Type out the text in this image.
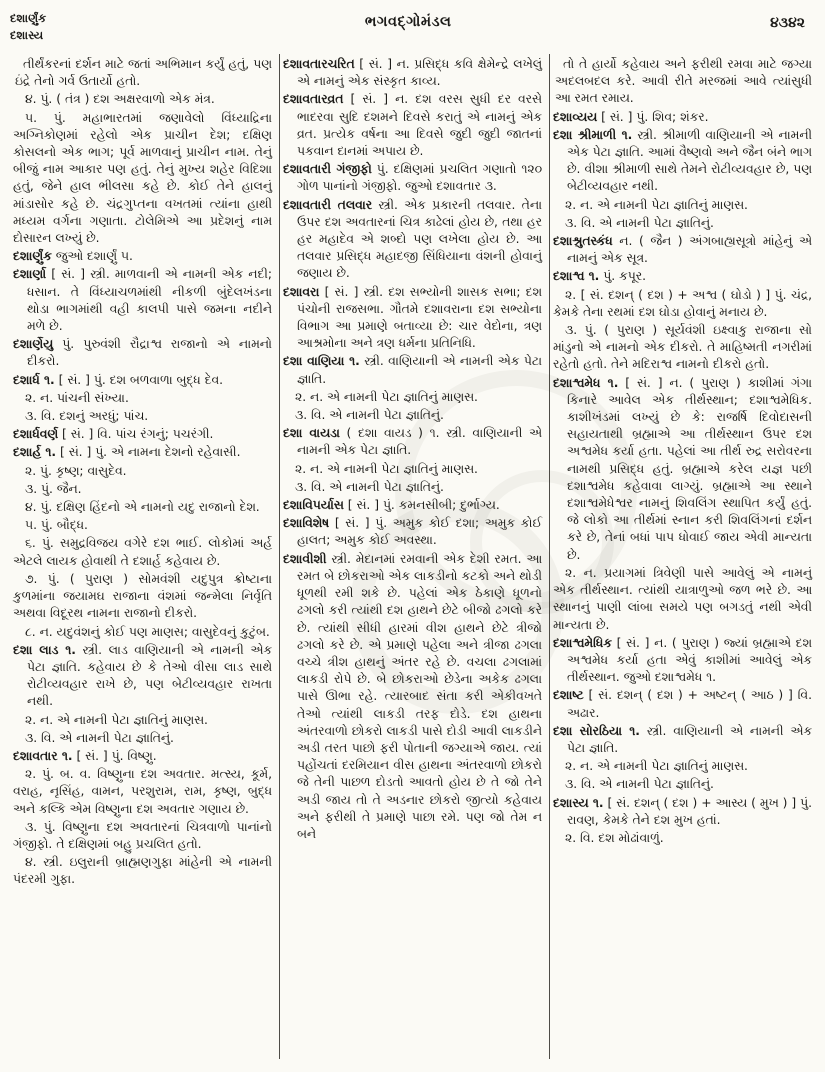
દશાર્ણુંક
દશાસ્ય
ભગવદ્ગોમંડલ	૪૩૪૨

તીર્થંકરનાં દર્શન માટે જતાં અભિમાન કર્યું હતું, પણ ઇંદ્રે તેનો ગર્વ ઉતાર્યો હતો.

૪. પું. ( તંત્ર ) દશ અક્ષરવાળો એક મંત્ર.

૫. પું. મહાભારતમાં જણાવેલો વિંધ્યાદ્રિના અગ્નિકોણમાં રહેલો એક પ્રાચીન દેશ; દક્ષિણ કોસલનો એક ભાગ; પૂર્વ માળવાનું પ્રાચીન નામ. તેનું બીજું નામ આકાર પણ હતું. તેનું મુખ્ય શહેર વિદિશા હતું, જેને હાલ ભીલસા કહે છે. કોઈ તેને હાલનું માંડાસોર કહે છે. ચંદ્રગુપ્તના વખતમાં ત્યાંના હાથી મધ્યમ વર્ગના ગણાતા. ટોલેમિએ આ પ્રદેશનું નામ દોસારન લખ્યું છે.

દશાર્ણુંક જુઓ દશાર્ણું ૫.

દશાર્ણા [ સં. ] સ્ત્રી. માળવાની એ નામની એક નદી; ધસાન. તે વિંધ્યાચળમાંથી નીકળી બુંદેલખંડના થોડા ભાગમાંથી વહી કાલપી પાસે જમના નદીને મળે છે.

દશાર્ણેયુ પું. પુરુવંશી રૌદ્રાશ્વ રાજાનો એ નામનો દીકરો.

દશાર્ધ ૧. [ સં. ] પું. દશ બળવાળા બુદ્ધ દેવ.

૨. ન. પાંચની સંખ્યા.

૩. વિ. દશનું અરધું; પાંચ.

દશાર્ધવર્ણ [ સં. ] વિ. પાંચ રંગનું; પચરંગી.

દશાર્હ ૧. [ સં. ] પું. એ નામના દેશનો રહેવાસી.

૨. પું. કૃષ્ણ; વાસુદેવ.

૩. પું. જૈન.

૪. પું. દક્ષિણ હિંદનો એ નામનો યદુ રાજાનો દેશ.

૫. પું. બૌદ્ધ.

૬. પું. સમુદ્રવિજય વગેરે દશ ભાઈ. લોકોમાં અર્હ એટલે લાયક હોવાથી તે દશાર્હ કહેવાય છે.

૭. પું. ( પુરાણ ) સોમવંશી યદુપુત્ર ક્રોષ્ટાના કુળમાંના જયામઘ રાજાના વંશમાં જન્મેલા નિર્વૃતિ અથવા વિદૂરથ નામના રાજાનો દીકરો.

૮. ન. યદુવંશનું કોઈ પણ માણસ; વાસુદેવનું કુટુંબ.

દશા લાડ ૧. સ્ત્રી. લાડ વાણિયાની એ નામની એક પેટા જ્ઞાતિ. કહેવાય છે કે તેઓ વીસા લાડ સાથે રોટીવ્યવહાર રાખે છે, પણ બેટીવ્યવહાર રાખતા નથી.

૨. ન. એ નામની પેટા જ્ઞાતિનું માણસ.

૩. વિ. એ નામની પેટા જ્ઞાતિનું.

દશાવતાર ૧. [ સં. ] પું. વિષ્ણુ.

૨. પું. બ. વ. વિષ્ણુના દશ અવતાર. મત્સ્ય, કૂર્મ, વરાહ, નૃસિંહ, વામન, પરશુરામ, રામ, કૃષ્ણ, બુદ્ધ અને કલ્કિ એમ વિષ્ણુના દશ અવતાર ગણાય છે.

૩. પું. વિષ્ણુના દશ અવતારનાં ચિત્રવાળો પાનાંનો ગંજીફો. તે દક્ષિણમાં બહુ પ્રચલિત હતો.

૪. સ્ત્રી. ઇલુરાની બ્રાહ્મણગુફા માંહેની એ નામની પંદરમી ગુફા.

દશાવતારચરિત [ સં. ] ન. પ્રસિદ્ધ કવિ ક્ષેમેન્દ્રે લખેલું એ નામનું એક સંસ્કૃત કાવ્ય.

દશાવતારવ્રત [ સં. ] ન. દશ વરસ સુધી દર વરસે ભાદરવા સુદિ દશમને દિવસે કરાતું એ નામનું એક વ્રત. પ્રત્યેક વર્ષના આ દિવસે જુદી જુદી જાતનાં પકવાન દાનમાં અપાય છે.

દશાવતારી ગંજીફો પું. દક્ષિણમાં પ્રચલિત ગણાતો ૧૨૦ ગોળ પાનાંનો ગંજીફો. જુઓ દશાવતાર ૩.

દશાવતારી તલવાર સ્ત્રી. એક પ્રકારની તલવાર. તેના ઉપર દશ અવતારનાં ચિત્ર કાઢેલાં હોય છે, તથા હર હર મહાદેવ એ શબ્દો પણ લખેલા હોય છે. આ તલવાર પ્રસિદ્ધ મહાદજી સિંધિયાના વંશની હોવાનું જણાય છે.

દશાવરા [ સં. ] સ્ત્રી. દશ સભ્યોની શાસક સભા; દશ પંચોની રાજસભા. ગૌતમે દશાવરાના દશ સભ્યોના વિભાગ આ પ્રમાણે બતાવ્યા છે: ચાર વેદોના, ત્રણ આશ્રમોના અને ત્રણ ધર્મના પ્રતિનિધિ.

દશા વાણિયા ૧. સ્ત્રી. વાણિયાની એ નામની એક પેટા જ્ઞાતિ.

૨. ન. એ નામની પેટા જ્ઞાતિનું માણસ.

૩. વિ. એ નામની પેટા જ્ઞાતિનું.

દશા વાયડા ( દશા વાયડ ) ૧. સ્ત્રી. વાણિયાની એ નામની એક પેટા જ્ઞાતિ.

૨. ન. એ નામની પેટા જ્ઞાતિનું માણસ.

૩. વિ. એ નામની પેટા જ્ઞાતિનું.

દશાવિપર્યાસ [ સં. ] પું. કમનસીબી; દુર્ભાગ્ય.

દશાવિશેષ [ સં. ] પું. અમુક કોઈ દશા; અમુક કોઈ હાલત; અમુક કોઈ અવસ્થા.

દશાવીશી સ્ત્રી. મેદાનમાં રમવાની એક દેશી રમત. આ રમત બે છોકરાઓ એક લાકડીનો કટકો અને થોડી ધૂળથી રમી શકે છે. પહેલાં એક ઠેકાણે ધૂળનો ઢગલો કરી ત્યાંથી દશ હાથને છેટે બીજો ઢગલો કરે છે. ત્યાંથી સીધી હારમાં વીશ હાથને છેટે ત્રીજો ઢગલો કરે છે. એ પ્રમાણે પહેલા અને ત્રીજા ઢગલા વચ્ચે ત્રીશ હાથનું અંતર રહે છે. વચલા ઢગલામાં લાકડી રોપે છે. બે છોકરાઓ છેડેના અકેક ઢગલા પાસે ઊભા રહે. ત્યારબાદ સંતા કરી એકીવખતે તેઓ ત્યાંથી લાકડી તરફ દોડે. દશ હાથના અંતરવાળો છોકરો લાકડી પાસે દોડી આવી લાકડીને અડી તરત પાછો ફરી પોતાની જગ્યાએ જાય. ત્યાં પહોંચતાં દરમિયાન વીસ હાથના અંતરવાળો છોકરો જે તેની પાછળ દોડતો આવતો હોય છે તે જો તેને અડી જાય તો તે અડનાર છોકરો જીત્યો કહેવાય અને ફરીથી તે પ્રમાણે પાછા રમે. પણ જો તેમ ન બને

તો તે હાર્યો કહેવાય અને ફરીથી રમવા માટે જગ્યા અદલબદલ કરે. આવી રીતે મરજમાં આવે ત્યાંસુધી આ રમત રમાય.

દશાવ્યય [ સં. ] પું. શિવ; શંકર.

દશા શ્રીમાળી ૧. સ્ત્રી. શ્રીમાળી વાણિયાની એ નામની એક પેટા જ્ઞાતિ. આમાં વૈષ્ણવો અને જૈન બંને ભાગ છે. વીશા શ્રીમાળી સાથે તેમને રોટીવ્યવહાર છે, પણ બેટીવ્યવહાર નથી.

૨. ન. એ નામની પેટા જ્ઞાતિનું માણસ.

૩. વિ. એ નામની પેટા જ્ઞાતિનું.

દશાશ્રુતસ્કંધ ન. ( જૈન ) અંગબાહ્યસૂત્રો માંહેનું એ નામનું એક સૂત્ર.

દશાશ્વ ૧. પું. કપૂર.

૨. [ સં. દશન્ ( દશ ) + અશ્વ ( ઘોડો ) ] પું. ચંદ્ર, કેમકે તેના રથમાં દશ ઘોડા હોવાનું મનાય છે.

૩. પું. ( પુરાણ ) સૂર્યવંશી ઇક્ષ્વાકુ રાજાના સો માંડુનો એ નામનો એક દીકરો. તે માહિષ્મતી નગરીમાં રહેતો હતો. તેને મદિરાશ્વ નામનો દીકરો હતો.

દશાશ્વમેધ ૧. [ સં. ] ન. ( પુરાણ ) કાશીમાં ગંગા કિનારે આવેલ એક તીર્થસ્થાન; દશાશ્વમેધિક. કાશીખંડમાં લખ્યું છે કે: રાજર્ષિ દિવોદાસની સહાયતાથી બ્રહ્માએ આ તીર્થસ્થાન ઉપર દશ અશ્વમેધ કર્યા હતા. પહેલાં આ તીર્થ રુદ્ર સરોવરના નામથી પ્રસિદ્ધ હતું. બ્રહ્માએ કરેલ યજ્ઞ પછી દશાશ્વમેધ કહેવાવા લાગ્યું. બ્રહ્માએ આ સ્થાને દશાશ્વમેધેશ્વર નામનું શિવલિંગ સ્થાપિત કર્યું હતું. જે લોકો આ તીર્થમાં સ્નાન કરી શિવલિંગનાં દર્શન કરે છે, તેનાં બધાં પાપ ધોવાઈ જાય એવી માન્યતા છે.

૨. ન. પ્રયાગમાં ત્રિવેણી પાસે આવેલું એ નામનું એક તીર્થસ્થાન. ત્યાંથી યાત્રાળુઓ જળ ભરે છે. આ સ્થાનનું પાણી લાંબા સમયે પણ બગડતું નથી એવી માન્યતા છે.

દશાશ્વમેધિક [ સં. ] ન. ( પુરાણ ) જ્યાં બ્રહ્માએ દશ અશ્વમેધ કર્યા હતા એવું કાશીમાં આવેલું એક તીર્થસ્થાન. જુઓ દશાશ્વમેધ ૧.

દશાષ્ટ [ સં. દશન્ ( દશ ) + અષ્ટન્ ( આઠ ) ] વિ. અઢાર.

દશા સોરઠિયા ૧. સ્ત્રી. વાણિયાની એ નામની એક પેટા જ્ઞાતિ.

૨. ન. એ નામની પેટા જ્ઞાતિનું માણસ.

૩. વિ. એ નામની પેટા જ્ઞાતિનું.

દશાસ્ય ૧. [ સં. દશન્ ( દશ ) + આસ્ય ( મુખ ) ] પું. રાવણ, કેમકે તેને દશ મુખ હતાં.

૨. વિ. દશ મોઢાંવાળું.
